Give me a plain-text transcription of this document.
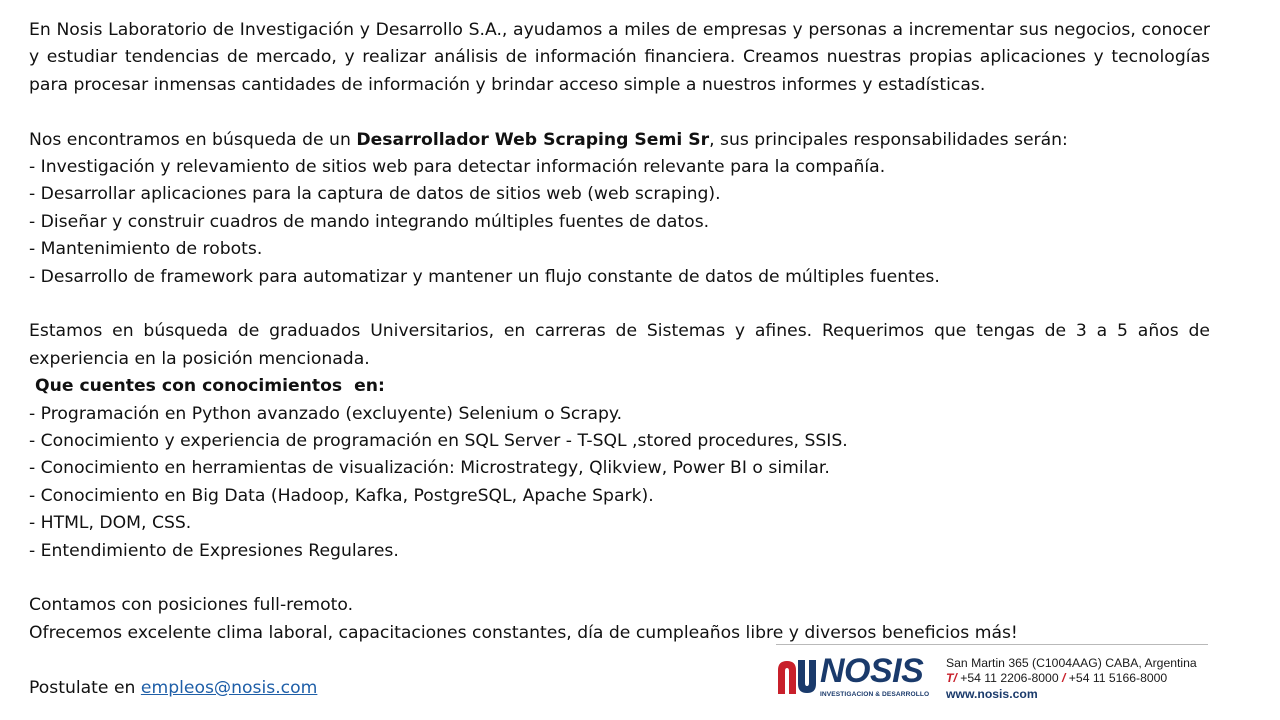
En Nosis Laboratorio de Investigación y Desarrollo S.A., ayudamos a miles de empresas y personas a incrementar sus negocios, conocer y estudiar tendencias de mercado, y realizar análisis de información financiera. Creamos nuestras propias aplicaciones y tecnologías para procesar inmensas cantidades de información y brindar acceso simple a nuestros informes y estadísticas.

Nos encontramos en búsqueda de un Desarrollador Web Scraping Semi Sr, sus principales responsabilidades serán:

- Investigación y relevamiento de sitios web para detectar información relevante para la compañía.

- Desarrollar aplicaciones para la captura de datos de sitios web (web scraping).

- Diseñar y construir cuadros de mando integrando múltiples fuentes de datos.

- Mantenimiento de robots.

- Desarrollo de framework para automatizar y mantener un flujo constante de datos de múltiples fuentes.

Estamos en búsqueda de graduados Universitarios, en carreras de Sistemas y afines. Requerimos que tengas de 3 a 5 años de experiencia en la posición mencionada.

Que cuentes con conocimientos  en:

- Programación en Python avanzado (excluyente) Selenium o Scrapy.

- Conocimiento y experiencia de programación en SQL Server - T-SQL ,stored procedures, SSIS.

- Conocimiento en herramientas de visualización: Microstrategy, Qlikview, Power BI o similar.

- Conocimiento en Big Data (Hadoop, Kafka, PostgreSQL, Apache Spark).

- HTML, DOM, CSS.

- Entendimiento de Expresiones Regulares.

Contamos con posiciones full-remoto.

Ofrecemos excelente clima laboral, capacitaciones constantes, día de cumpleaños libre y diversos beneficios más!

Postulate en empleos@nosis.com	NOSIS
INVESTIGACION & DESARROLLO
San Martin 365 (C1004AAG) CABA, Argentina
T/ +54 11 2206-8000 / +54 11 5166-8000
www.nosis.com
